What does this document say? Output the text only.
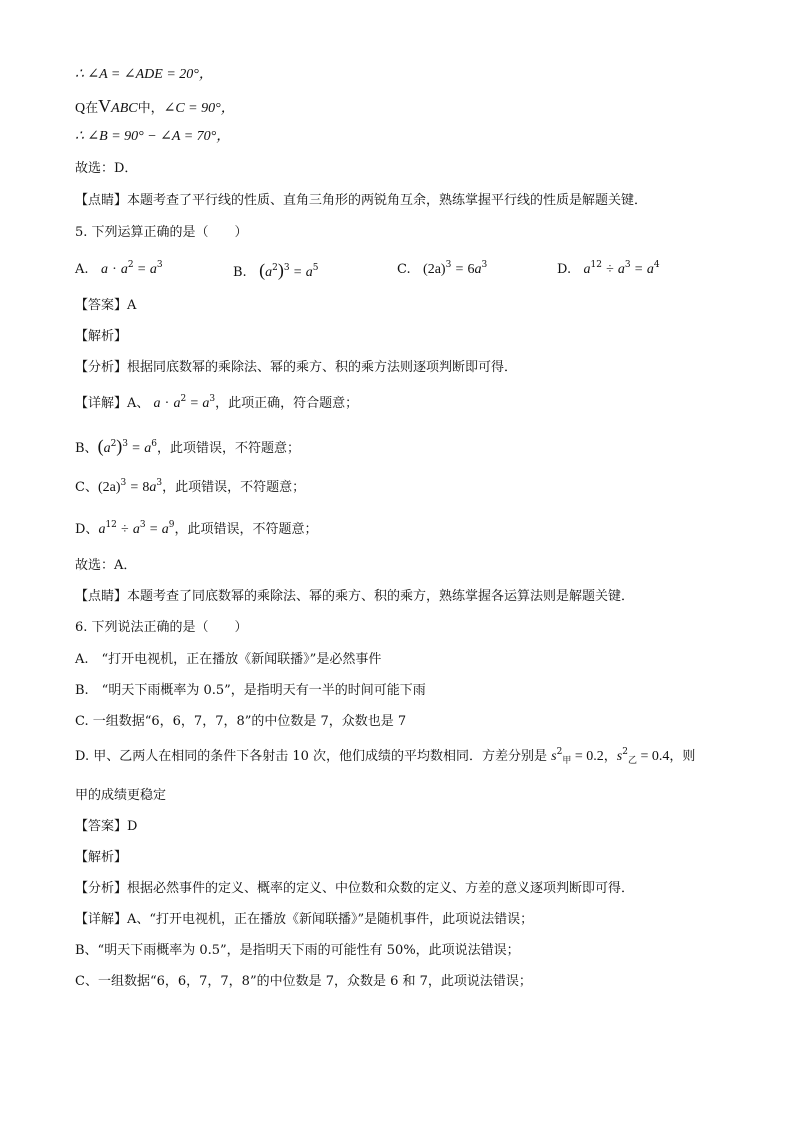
∴ ∠A = ∠ADE = 20°，
Q在VABC中，∠C = 90°，
∴ ∠B = 90° − ∠A = 70°，
故选：D．
【点睛】本题考查了平行线的性质、直角三角形的两锐角互余，熟练掌握平行线的性质是解题关键．
5. 下列运算正确的是（　　）
A. $a \cdot a^2 = a^3$	B. $(a^2)^3 = a^5$	C. $(2a)^3 = 6a^3$	D. $a^{12} \div a^3 = a^4$
【答案】A
【解析】
【分析】根据同底数幂的乘除法、幂的乘方、积的乘方法则逐项判断即可得．
【详解】A、 $a \cdot a^2 = a^3$，此项正确，符合题意；
B、$(a^2)^3 = a^6$，此项错误，不符题意；
C、$(2a)^3 = 8a^3$，此项错误，不符题意；
D、$a^{12} \div a^3 = a^9$，此项错误，不符题意；
故选：A．
【点睛】本题考查了同底数幂的乘除法、幂的乘方、积的乘方，熟练掌握各运算法则是解题关键．
6. 下列说法正确的是（　　）
A.　“打开电视机，正在播放《新闻联播》”是必然事件
B.　“明天下雨概率为 0.5”，是指明天有一半的时间可能下雨
C. 一组数据“6，6，7，7，8”的中位数是 7，众数也是 7
D. 甲、乙两人在相同的条件下各射击 10 次，他们成绩的平均数相同．方差分别是 $s^2_甲 = 0.2$，$s^2_乙 = 0.4$，则
甲的成绩更稳定
【答案】D
【解析】
【分析】根据必然事件的定义、概率的定义、中位数和众数的定义、方差的意义逐项判断即可得．
【详解】A、“打开电视机，正在播放《新闻联播》”是随机事件，此项说法错误；
B、“明天下雨概率为 0.5”，是指明天下雨的可能性有 50%，此项说法错误；
C、一组数据“6，6，7，7，8”的中位数是 7，众数是 6 和 7，此项说法错误；
